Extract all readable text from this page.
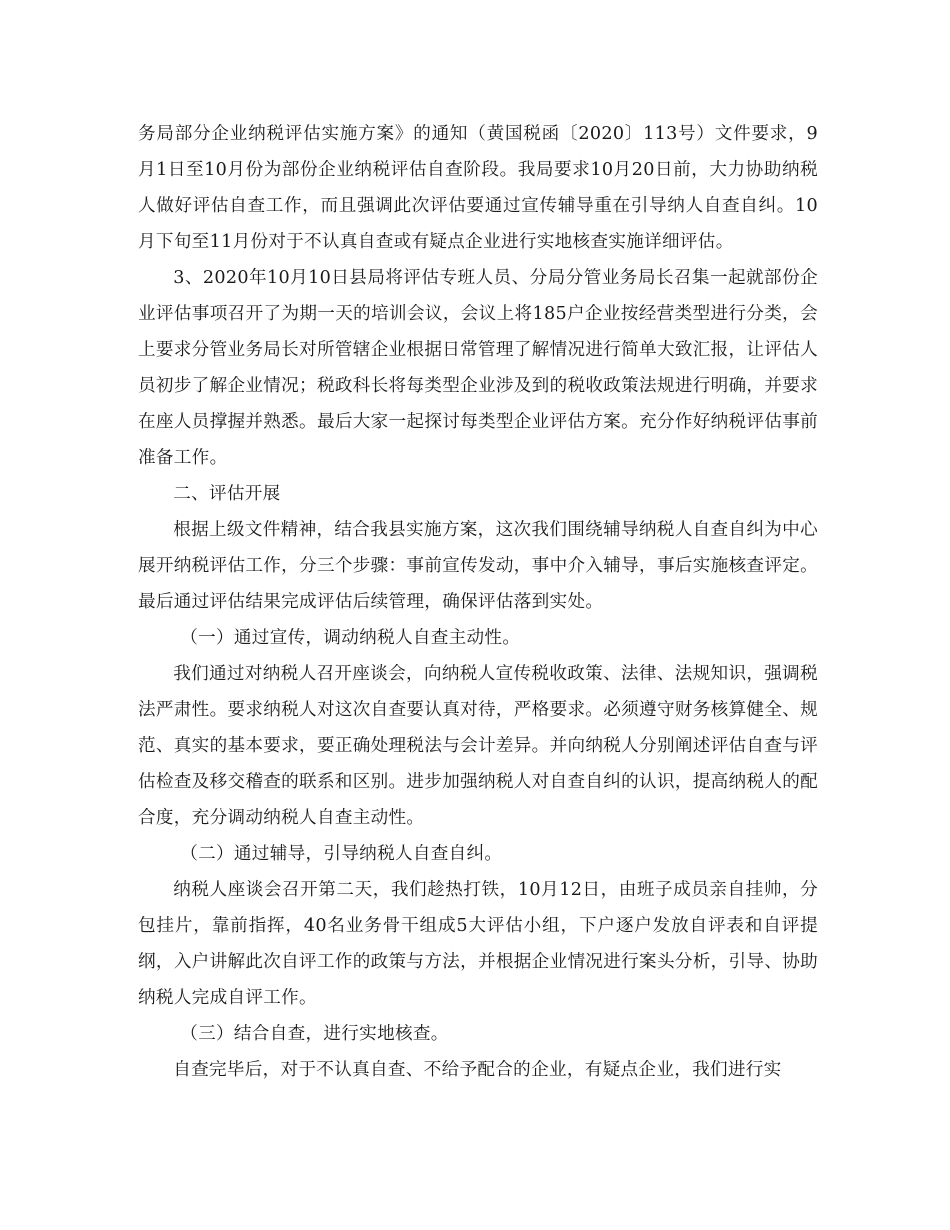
务局部分企业纳税评估实施方案》的通知（黄国税函〔2020〕113号）文件要求，9月1日至10月份为部份企业纳税评估自查阶段。我局要求10月20日前，大力协助纳税人做好评估自查工作，而且强调此次评估要通过宣传辅导重在引导纳人自查自纠。10月下旬至11月份对于不认真自查或有疑点企业进行实地核查实施详细评估。

3、2020年10月10日县局将评估专班人员、分局分管业务局长召集一起就部份企业评估事项召开了为期一天的培训会议，会议上将185户企业按经营类型进行分类，会上要求分管业务局长对所管辖企业根据日常管理了解情况进行简单大致汇报，让评估人员初步了解企业情况；税政科长将每类型企业涉及到的税收政策法规进行明确，并要求在座人员撑握并熟悉。最后大家一起探讨每类型企业评估方案。充分作好纳税评估事前准备工作。

二、评估开展

根据上级文件精神，结合我县实施方案，这次我们围绕辅导纳税人自查自纠为中心展开纳税评估工作，分三个步骤：事前宣传发动，事中介入辅导，事后实施核查评定。最后通过评估结果完成评估后续管理，确保评估落到实处。

（一）通过宣传，调动纳税人自查主动性。

我们通过对纳税人召开座谈会，向纳税人宣传税收政策、法律、法规知识，强调税法严肃性。要求纳税人对这次自查要认真对待，严格要求。必须遵守财务核算健全、规范、真实的基本要求，要正确处理税法与会计差异。并向纳税人分别阐述评估自查与评估检查及移交稽查的联系和区别。进步加强纳税人对自查自纠的认识，提高纳税人的配合度，充分调动纳税人自查主动性。

（二）通过辅导，引导纳税人自查自纠。

纳税人座谈会召开第二天，我们趁热打铁，10月12日，由班子成员亲自挂帅，分包挂片，靠前指挥，40名业务骨干组成5大评估小组，下户逐户发放自评表和自评提纲，入户讲解此次自评工作的政策与方法，并根据企业情况进行案头分析，引导、协助纳税人完成自评工作。

（三）结合自查，进行实地核查。

自查完毕后，对于不认真自查、不给予配合的企业，有疑点企业，我们进行实
